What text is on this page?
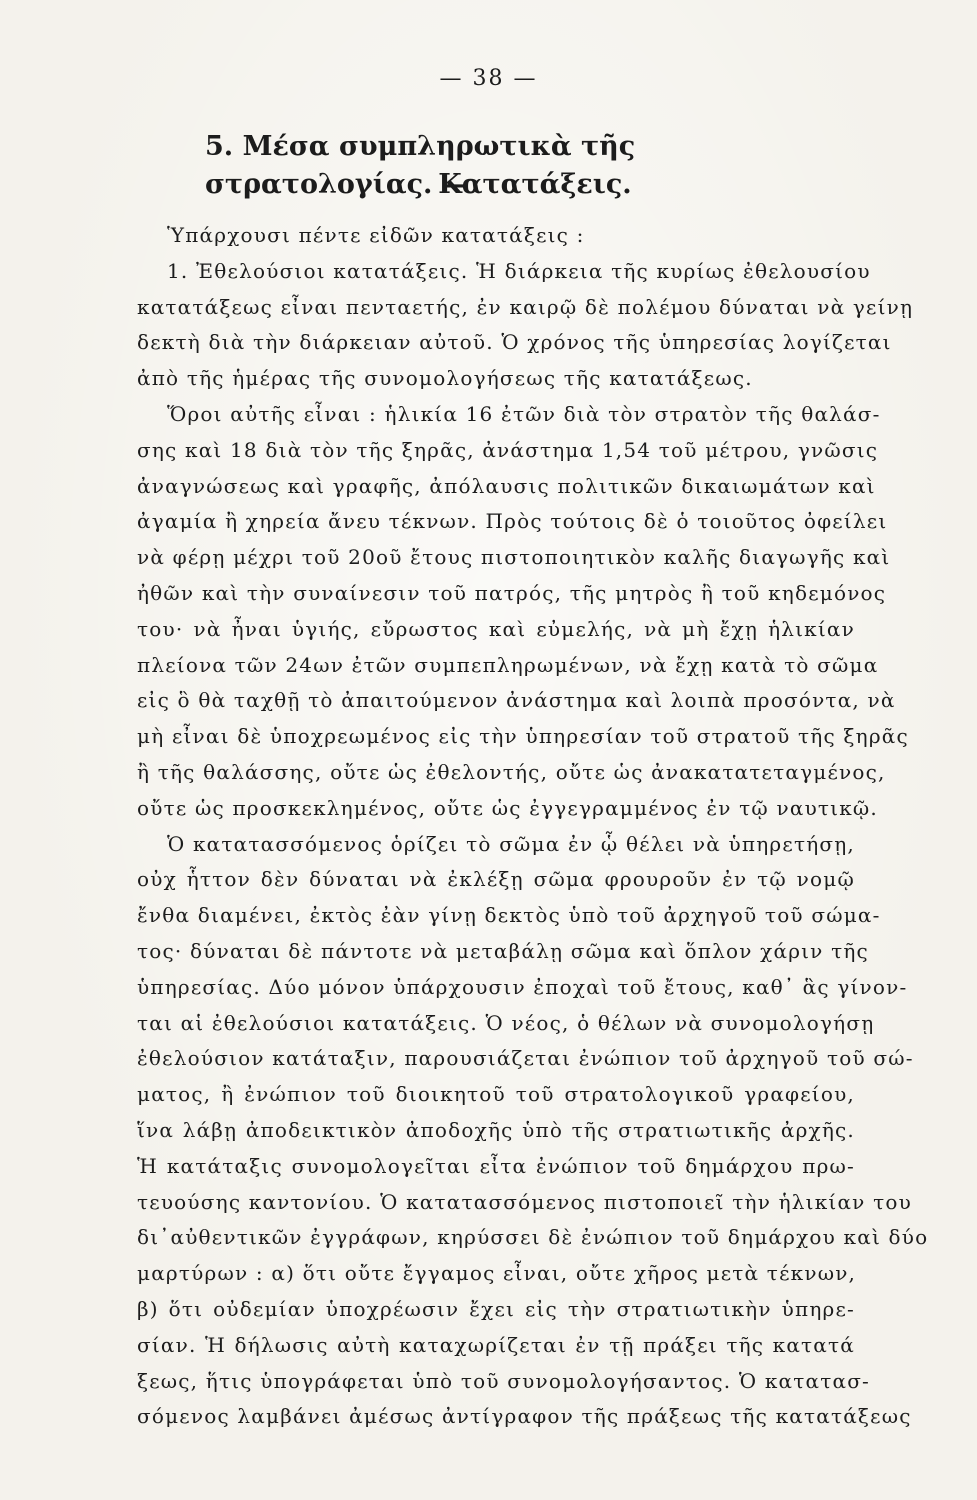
— 38 —
5. Μέσα συμπληρωτικὰ τῆς στρατολογίας. —
Κατατάξεις.
Ὑπάρχουσι πέντε εἰδῶν κατατάξεις :
1. Ἐθελούσιοι κατατάξεις. Ἡ διάρκεια τῆς κυρίως ἐθελουσίου
κατατάξεως εἶναι πενταετής, ἐν καιρῷ δὲ πολέμου δύναται νὰ γείνῃ
δεκτὴ διὰ τὴν διάρκειαν αὐτοῦ. Ὁ χρόνος τῆς ὑπηρεσίας λογίζεται
ἀπὸ τῆς ἡμέρας τῆς συνομολογήσεως τῆς κατατάξεως.
Ὅροι αὐτῆς εἶναι : ἡλικία 16 ἐτῶν διὰ τὸν στρατὸν τῆς θαλάσ-
σης καὶ 18 διὰ τὸν τῆς ξηρᾶς, ἀνάστημα 1,54 τοῦ μέτρου, γνῶσις
ἀναγνώσεως καὶ γραφῆς, ἀπόλαυσις πολιτικῶν δικαιωμάτων καὶ
ἀγαμία ἢ χηρεία ἄνευ τέκνων. Πρὸς τούτοις δὲ ὁ τοιοῦτος ὀφείλει
νὰ φέρῃ μέχρι τοῦ 20οῦ ἔτους πιστοποιητικὸν καλῆς διαγωγῆς καὶ
ἠθῶν καὶ τὴν συναίνεσιν τοῦ πατρός, τῆς μητρὸς ἢ τοῦ κηδεμόνος
του· νὰ ἦναι ὑγιής, εὔρωστος καὶ εὐμελής, νὰ μὴ ἔχῃ ἡλικίαν
πλείονα τῶν 24ων ἐτῶν συμπεπληρωμένων, νὰ ἔχῃ κατὰ τὸ σῶμα
εἰς ὃ θὰ ταχθῇ τὸ ἀπαιτούμενον ἀνάστημα καὶ λοιπὰ προσόντα, νὰ
μὴ εἶναι δὲ ὑποχρεωμένος εἰς τὴν ὑπηρεσίαν τοῦ στρατοῦ τῆς ξηρᾶς
ἢ τῆς θαλάσσης, οὔτε ὡς ἐθελοντής, οὔτε ὡς ἀνακατατεταγμένος,
οὔτε ὡς προσκεκλημένος, οὔτε ὡς ἐγγεγραμμένος ἐν τῷ ναυτικῷ.
Ὁ κατατασσόμενος ὁρίζει τὸ σῶμα ἐν ᾧ θέλει νὰ ὑπηρετήσῃ,
οὐχ ἧττον δὲν δύναται νὰ ἐκλέξῃ σῶμα φρουροῦν ἐν τῷ νομῷ
ἔνθα διαμένει, ἐκτὸς ἐὰν γίνῃ δεκτὸς ὑπὸ τοῦ ἀρχηγοῦ τοῦ σώμα-
τος· δύναται δὲ πάντοτε νὰ μεταβάλῃ σῶμα καὶ ὅπλον χάριν τῆς
ὑπηρεσίας. Δύο μόνον ὑπάρχουσιν ἐποχαὶ τοῦ ἔτους, καθ᾽ ἃς γίνον-
ται αἱ ἐθελούσιοι κατατάξεις. Ὁ νέος, ὁ θέλων νὰ συνομολογήσῃ
ἐθελούσιον κατάταξιν, παρουσιάζεται ἐνώπιον τοῦ ἀρχηγοῦ τοῦ σώ-
ματος, ἢ ἐνώπιον τοῦ διοικητοῦ τοῦ στρατολογικοῦ γραφείου,
ἵνα λάβῃ ἀποδεικτικὸν ἀποδοχῆς ὑπὸ τῆς στρατιωτικῆς ἀρχῆς.
Ἡ κατάταξις συνομολογεῖται εἶτα ἐνώπιον τοῦ δημάρχου πρω-
τευούσης καντονίου. Ὁ κατατασσόμενος πιστοποιεῖ τὴν ἡλικίαν του
δι᾽αὐθεντικῶν ἐγγράφων, κηρύσσει δὲ ἐνώπιον τοῦ δημάρχου καὶ δύο
μαρτύρων : α) ὅτι οὔτε ἔγγαμος εἶναι, οὔτε χῆρος μετὰ τέκνων,
β) ὅτι οὐδεμίαν ὑποχρέωσιν ἔχει εἰς τὴν στρατιωτικὴν ὑπηρε-
σίαν. Ἡ δήλωσις αὐτὴ καταχωρίζεται ἐν τῇ πράξει τῆς κατατά
ξεως, ἥτις ὑπογράφεται ὑπὸ τοῦ συνομολογήσαντος. Ὁ κατατασ-
σόμενος λαμβάνει ἀμέσως ἀντίγραφον τῆς πράξεως τῆς κατατάξεως
